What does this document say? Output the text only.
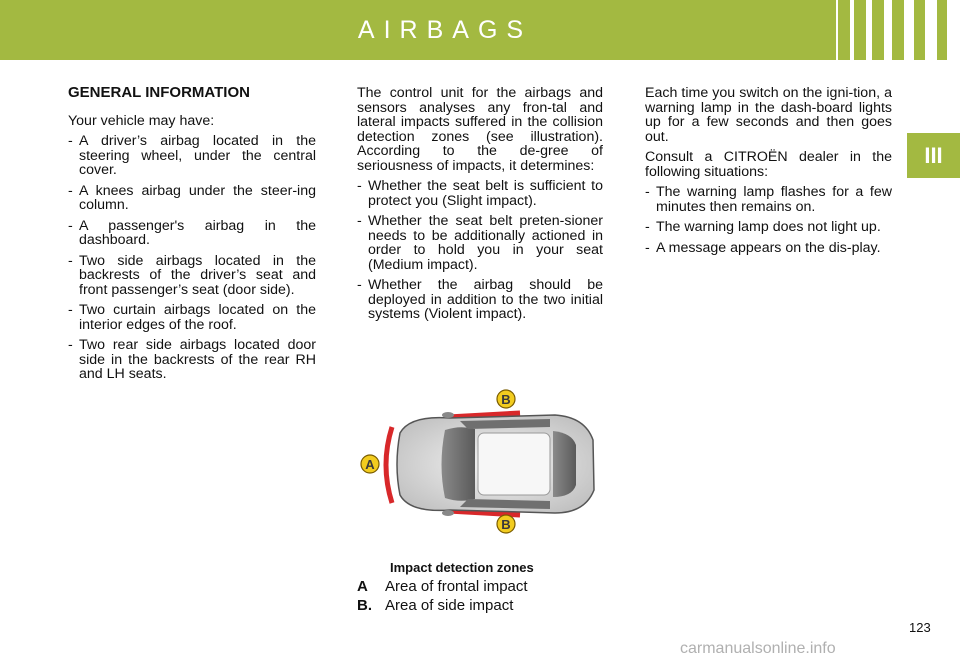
AIRBAGS
III
GENERAL INFORMATION

Your vehicle may have:

- A driver’s airbag located in the steering wheel, under the central cover.
- A knees airbag under the steer-ing column.
- A passenger's airbag in the dashboard.
- Two side airbags located in the backrests of the driver’s seat and front passenger’s seat (door side).
- Two curtain airbags located on the interior edges of the roof.
- Two rear side airbags located door side in the backrests of the rear RH and LH seats.

The control unit for the airbags and sensors analyses any fron-tal and lateral impacts suffered in the collision detection zones (see illustration). According to the de-gree of seriousness of impacts, it determines:

- Whether the seat belt is sufficient to protect you (Slight impact).
- Whether the seat belt preten-sioner needs to be additionally actioned in order to hold you in your seat (Medium impact).
- Whether the airbag should be deployed in addition to the two initial systems (Violent impact).

Each time you switch on the igni-tion, a warning lamp in the dash-board lights up for a few seconds and then goes out.

Consult a CITROËN dealer in the following situations:

- The warning lamp flashes for a few minutes then remains on.
- The warning lamp does not light up.
- A message appears on the dis-play.
A
B
B
Impact detection zones
A Area of frontal impact
B. Area of side impact
123
carmanualsonline.info
